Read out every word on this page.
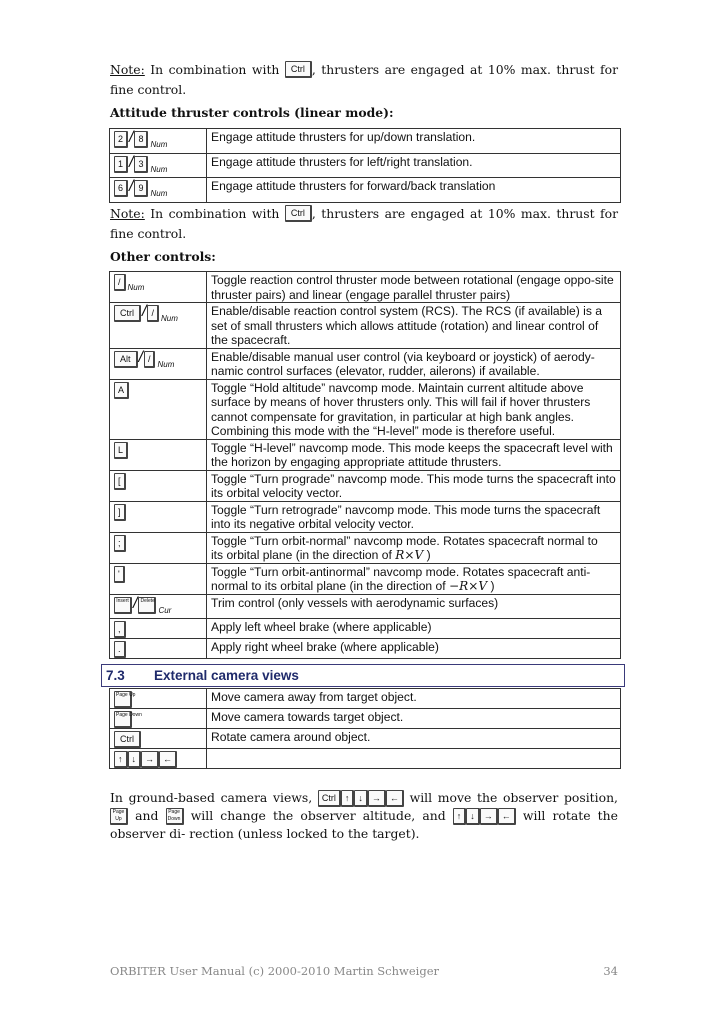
Note: In combination with Ctrl , thrusters are engaged at 10% max. thrust for fine control.
Attitude thruster controls (linear mode):
$2 / 8_{Num}$	Engage attitude thrusters for up/down translation.
$1 / 3_{Num}$	Engage attitude thrusters for left/right translation.
$6 / 9_{Num}$	Engage attitude thrusters for forward/back translation
Note: In combination with Ctrl , thrusters are engaged at 10% max. thrust for fine control.
Other controls:
$/_{Num}$	Toggle reaction control thruster mode between rotational (engage oppo-site thruster pairs) and linear (engage parallel thruster pairs)
Ctrl / $/_{Num}$	Enable/disable reaction control system (RCS). The RCS (if available) is a set of small thrusters which allows attitude (rotation) and linear control of the spacecraft.
Alt / $/_{Num}$	Enable/disable manual user control (via keyboard or joystick) of aerody-namic control surfaces (elevator, rudder, ailerons) if available.
A	Toggle “Hold altitude” navcomp mode. Maintain current altitude above surface by means of hover thrusters only. This will fail if hover thrusters cannot compensate for gravitation, in particular at high bank angles. Combining this mode with the “H-level” mode is therefore useful.
L	Toggle “H-level” navcomp mode. This mode keeps the spacecraft level with the horizon by engaging appropriate attitude thrusters.
[	Toggle “Turn prograde” navcomp mode. This mode turns the spacecraft into its orbital velocity vector.
]	Toggle “Turn retrograde” navcomp mode. This mode turns the spacecraft into its negative orbital velocity vector.
;	Toggle “Turn orbit-normal” navcomp mode. Rotates spacecraft normal to
its orbital plane (in the direction of R×V )
'	Toggle “Turn orbit-antinormal” navcomp mode. Rotates spacecraft anti-
normal to its orbital plane (in the direction of −R×V )
Insert / Delete$_{Cur}$	Trim control (only vessels with aerodynamic surfaces)
,	Apply left wheel brake (where applicable)
.	Apply right wheel brake (where applicable)
7.3 External camera views
Page Up	Move camera away from target object.
Page Down	Move camera towards target object.
Ctrl	Rotate camera around object.
↑ ↓ → ←	
In ground-based camera views, Ctrl ↑ ↓ → ← will move the observer position, Page Up and Page Down will change the observer altitude, and ↑ ↓ → ← will rotate the observer di- rection (unless locked to the target).
ORBITER User Manual (c) 2000-2010 Martin Schweiger	34
